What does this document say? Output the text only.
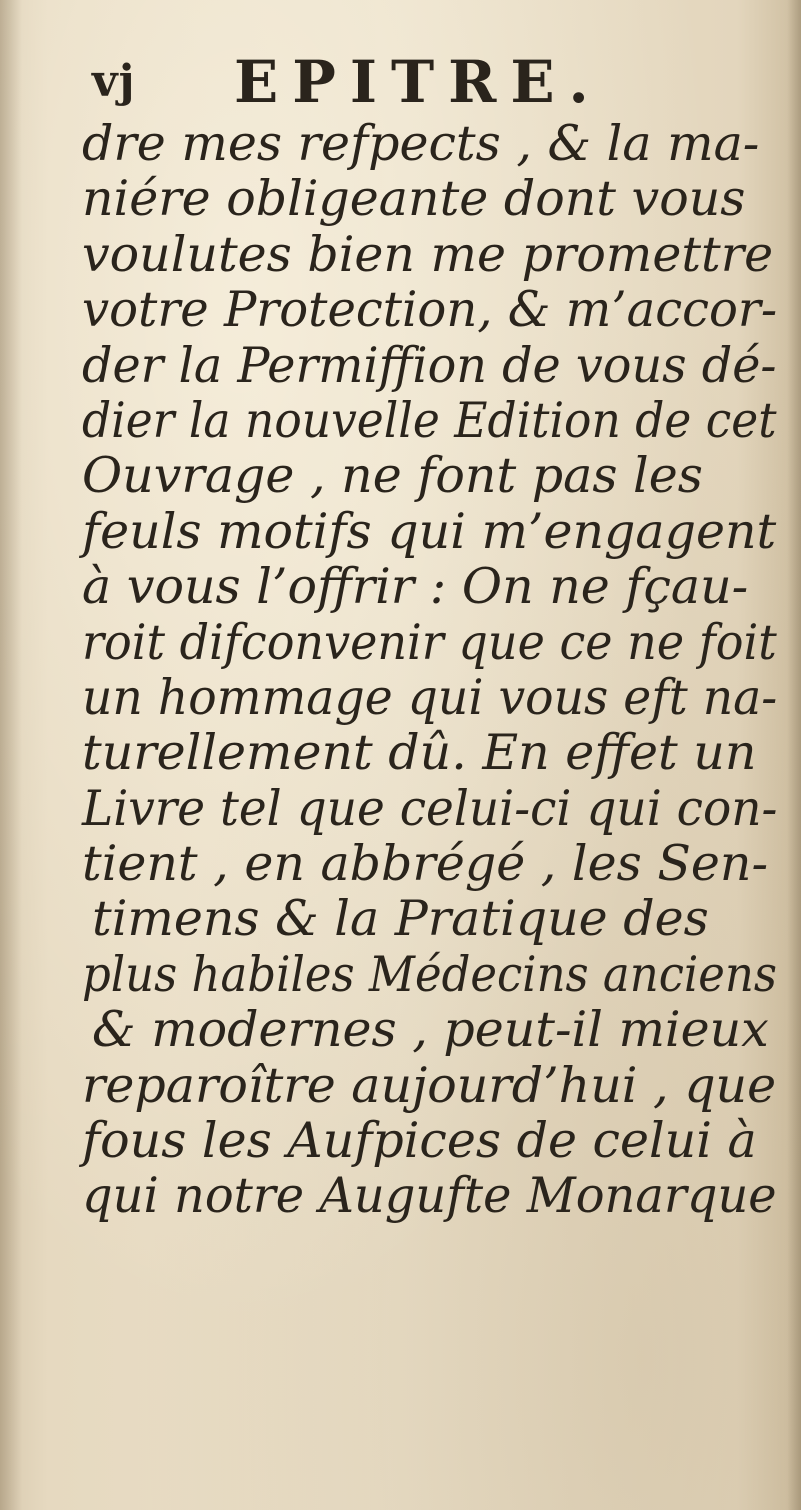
vj EPITRE.
dre mes refpects , & la ma-
niére obligeante dont vous
voulutes bien me promettre
votre Protection, & m’accor-
der la Permiffion de vous dé-
dier la nouvelle Edition de cet
Ouvrage , ne font pas les
feuls motifs qui m’engagent
à vous l’offrir : On ne fçau-
roit difconvenir que ce ne foit
un hommage qui vous eft na-
turellement dû. En effet un
Livre tel que celui-ci qui con-
tient , en abbrégé , les Sen-
timens & la Pratique des
plus habiles Médecins anciens
& modernes , peut-il mieux
reparoître aujourd’hui , que
fous les Aufpices de celui à
qui notre Augufte Monarque
